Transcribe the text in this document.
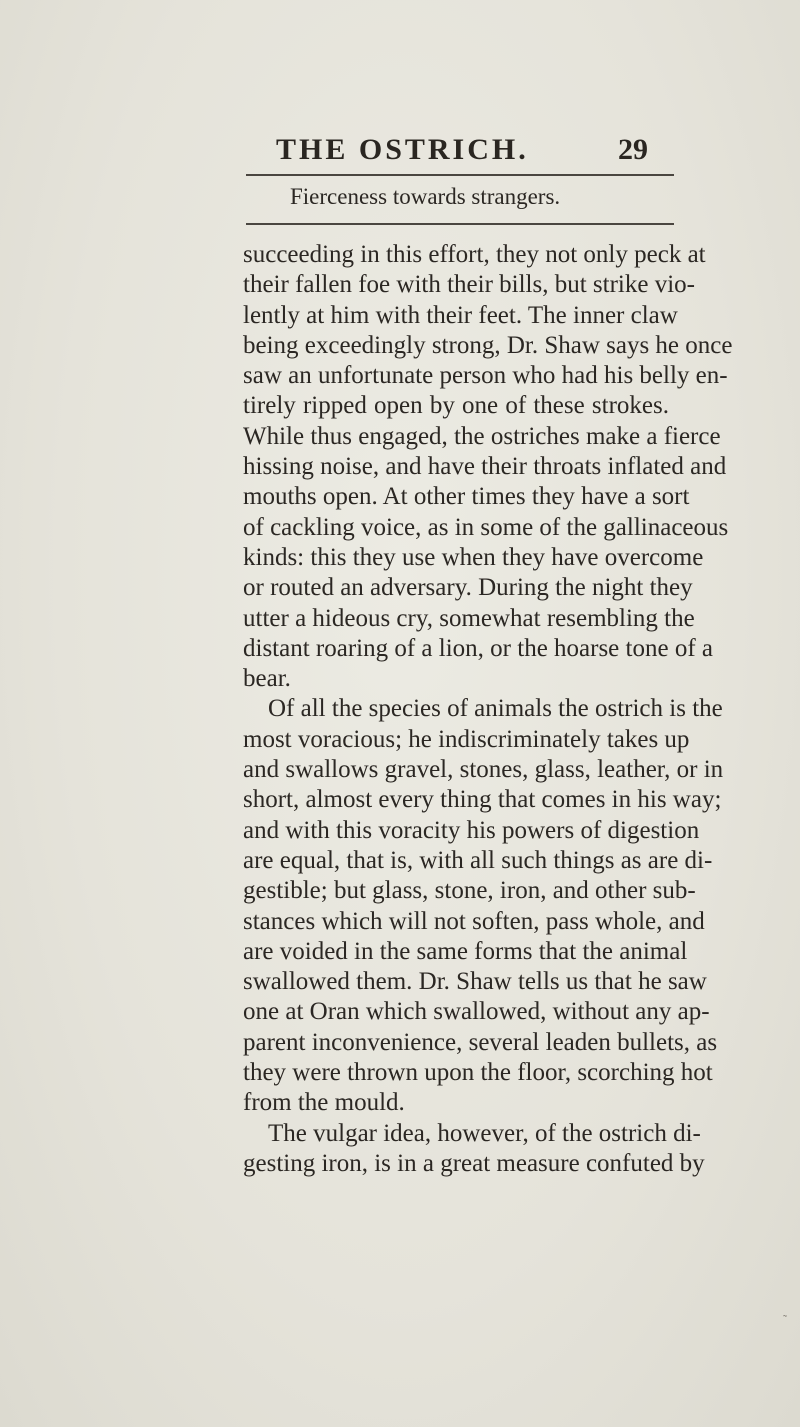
THE OSTRICH.	29
Fierceness towards strangers.
succeeding in this effort, they not only peck at
their fallen foe with their bills, but strike vio-
lently at him with their feet. The inner claw
being exceedingly strong, Dr. Shaw says he once
saw an unfortunate person who had his belly en-
tirely ripped open by one of these strokes.
While thus engaged, the ostriches make a fierce
hissing noise, and have their throats inflated and
mouths open. At other times they have a sort
of cackling voice, as in some of the gallinaceous
kinds: this they use when they have overcome
or routed an adversary. During the night they
utter a hideous cry, somewhat resembling the
distant roaring of a lion, or the hoarse tone of a
bear.
Of all the species of animals the ostrich is the
most voracious; he indiscriminately takes up
and swallows gravel, stones, glass, leather, or in
short, almost every thing that comes in his way;
and with this voracity his powers of digestion
are equal, that is, with all such things as are di-
gestible; but glass, stone, iron, and other sub-
stances which will not soften, pass whole, and
are voided in the same forms that the animal
swallowed them. Dr. Shaw tells us that he saw
one at Oran which swallowed, without any ap-
parent inconvenience, several leaden bullets, as
they were thrown upon the floor, scorching hot
from the mould.
The vulgar idea, however, of the ostrich di-
gesting iron, is in a great measure confuted by
˜
